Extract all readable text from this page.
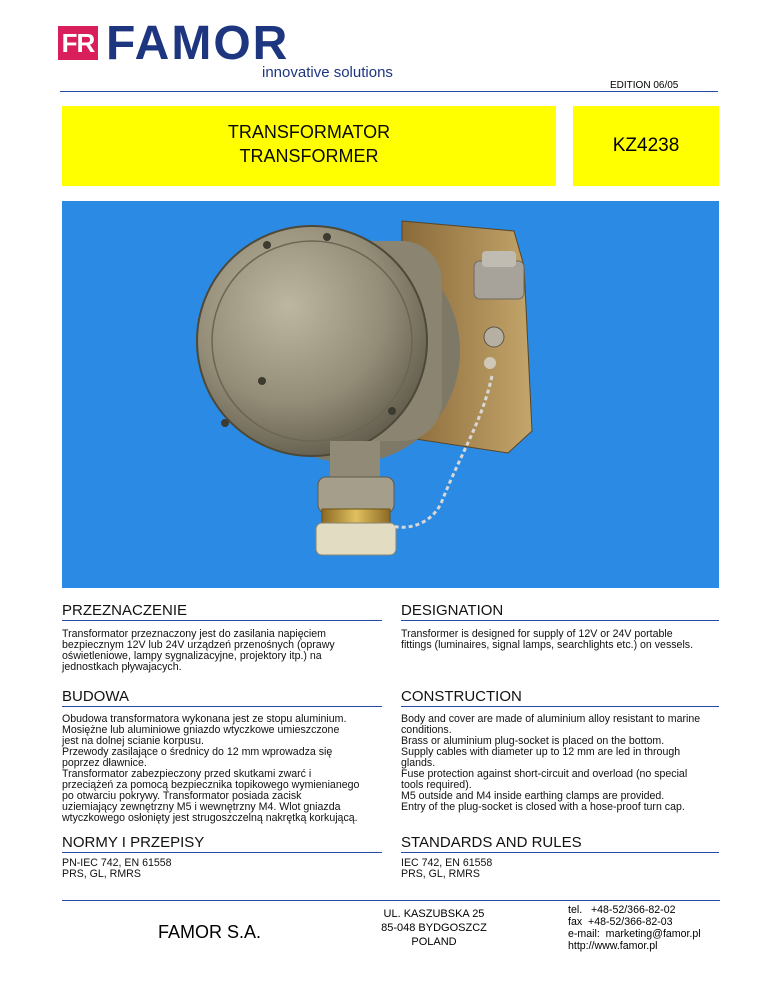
FR FAMOR
innovative solutions
EDITION 06/05
TRANSFORMATOR
TRANSFORMER	KZ4238
PRZEZNACZENIE
Transformator przeznaczony jest do zasilania napięciem
bezpiecznym 12V lub 24V urządzeń przenośnych (oprawy
oświetleniowe, lampy sygnalizacyjne, projektory itp.) na
jednostkach pływajacych.
BUDOWA
Obudowa transformatora wykonana jest ze stopu aluminium.
Mosiężne lub aluminiowe gniazdo wtyczkowe umieszczone
jest na dolnej scianie korpusu.
Przewody zasilające o średnicy do 12 mm wprowadza się
poprzez dławnice.
Transformator zabezpieczony przed skutkami zwarć i
przeciążeń za pomocą bezpiecznika topikowego wymienianego
po otwarciu pokrywy. Transformator posiada zacisk
uziemiający zewnętrzny M5 i wewnętrzny M4. Wlot gniazda
wtyczkowego osłonięty jest strugoszczelną nakrętką korkującą.
NORMY I PRZEPISY
PN-IEC 742, EN 61558
PRS, GL, RMRS
DESIGNATION
Transformer is designed for supply of 12V or 24V portable
fittings (luminaires, signal lamps, searchlights etc.) on vessels.
CONSTRUCTION
Body and cover are made of aluminium alloy resistant to marine
conditions.
Brass or aluminium plug-socket is placed on the bottom.
Supply cables with diameter up to 12 mm are led in through
glands.
Fuse protection against short-circuit and overload (no special
tools required).
M5 outside and M4 inside earthing clamps are provided.
Entry of the plug-socket is closed with a hose-proof turn cap.
STANDARDS AND RULES
IEC 742, EN 61558
PRS, GL, RMRS
FAMOR S.A.
UL. KASZUBSKA 25
85-048 BYDGOSZCZ
POLAND
tel.   +48-52/366-82-02
fax  +48-52/366-82-03
e-mail:  marketing@famor.pl
http://www.famor.pl
